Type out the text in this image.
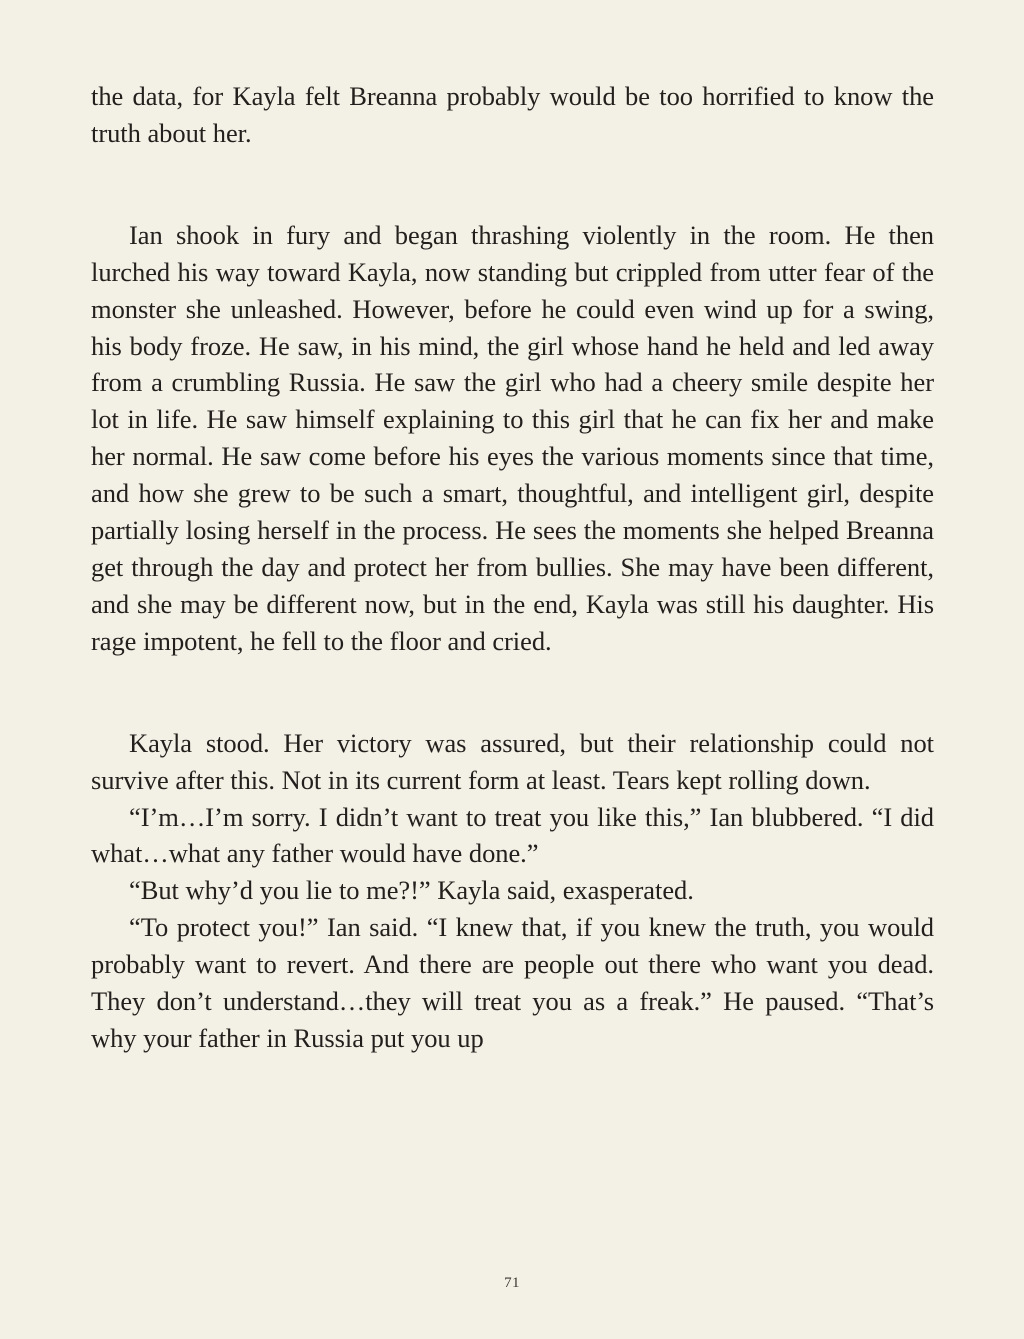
the data, for Kayla felt Breanna probably would be too horrified to know the truth about her.

Ian shook in fury and began thrashing violently in the room. He then lurched his way toward Kayla, now standing but crippled from utter fear of the monster she unleashed. However, before he could even wind up for a swing, his body froze. He saw, in his mind, the girl whose hand he held and led away from a crumbling Russia. He saw the girl who had a cheery smile despite her lot in life. He saw himself explaining to this girl that he can fix her and make her normal. He saw come before his eyes the various moments since that time, and how she grew to be such a smart, thoughtful, and intelligent girl, despite partially losing herself in the process. He sees the moments she helped Breanna get through the day and protect her from bullies. She may have been different, and she may be different now, but in the end, Kayla was still his daughter. His rage impotent, he fell to the floor and cried.

Kayla stood. Her victory was assured, but their relationship could not survive after this. Not in its current form at least. Tears kept rolling down.

“I’m…I’m sorry. I didn’t want to treat you like this,” Ian blubbered. “I did what…what any father would have done.”

“But why’d you lie to me?!” Kayla said, exasperated.

“To protect you!” Ian said. “I knew that, if you knew the truth, you would probably want to revert. And there are people out there who want you dead. They don’t understand…they will treat you as a freak.” He paused. “That’s why your father in Russia put you up

71
